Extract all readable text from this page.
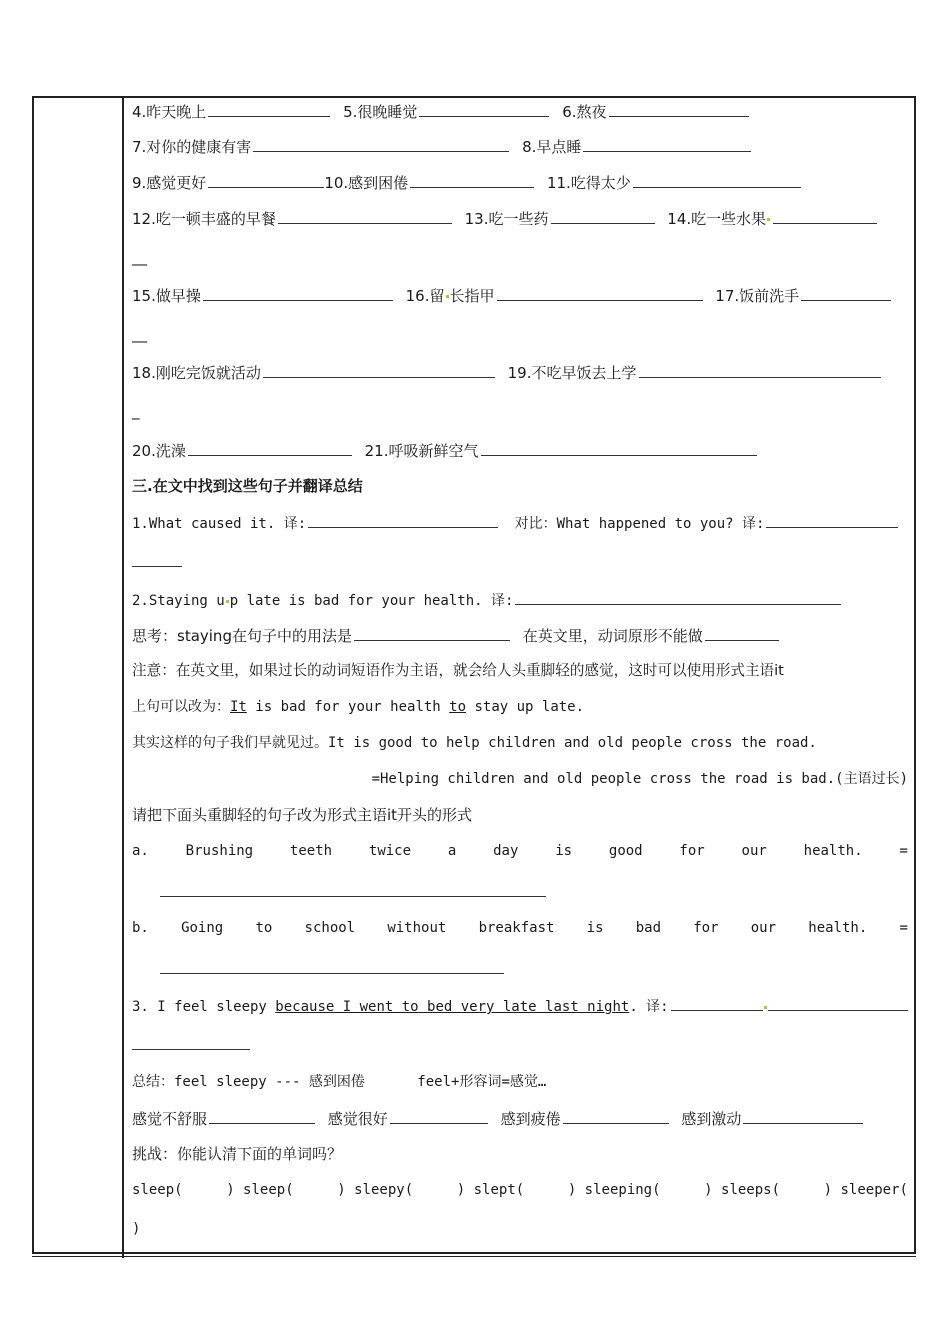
4.昨天晚上	5.很晚睡觉	6.熬夜
7.对你的健康有害	8.早点睡
9.感觉更好	10.感到困倦	11.吃得太少
12.吃一顿丰盛的早餐	13.吃一些药	14.吃一些水果
__
15.做早操	16.留 长指甲	17.饭前洗手
__
18.刚吃完饭就活动	19.不吃早饭去上学
_
20.洗澡	21.呼吸新鲜空气
三.在文中找到这些句子并翻译总结
1.What caused it. 译:	对比：What happened to you? 译:
2.Staying u p late is bad for your health. 译:
思考：staying在句子中的用法是	在英文里，动词原形不能做
注意：在英文里，如果过长的动词短语作为主语，就会给人头重脚轻的感觉，这时可以使用形式主语it
上句可以改为：It is bad for your health to stay up late.
其实这样的句子我们早就见过。It is good to help children and old people cross the road.
=Helping children and old people cross the road is bad.(主语过长)
请把下面头重脚轻的句子改为形式主语it开头的形式
a.	Brushing	teeth	twice	a	day	is	good	for	our	health.	=
b. Going to school without breakfast is bad for our health. =
3. I feel sleepy because I went to bed very late last night. 译:
总结：feel sleepy --- 感到困倦	feel+形容词=感觉…
感觉不舒服	感觉很好	感到疲倦	感到激动
挑战：你能认清下面的单词吗？
sleep(	) sleep(	) sleepy(	) slept(	) sleeping(	) sleeps(	) sleeper(
)
